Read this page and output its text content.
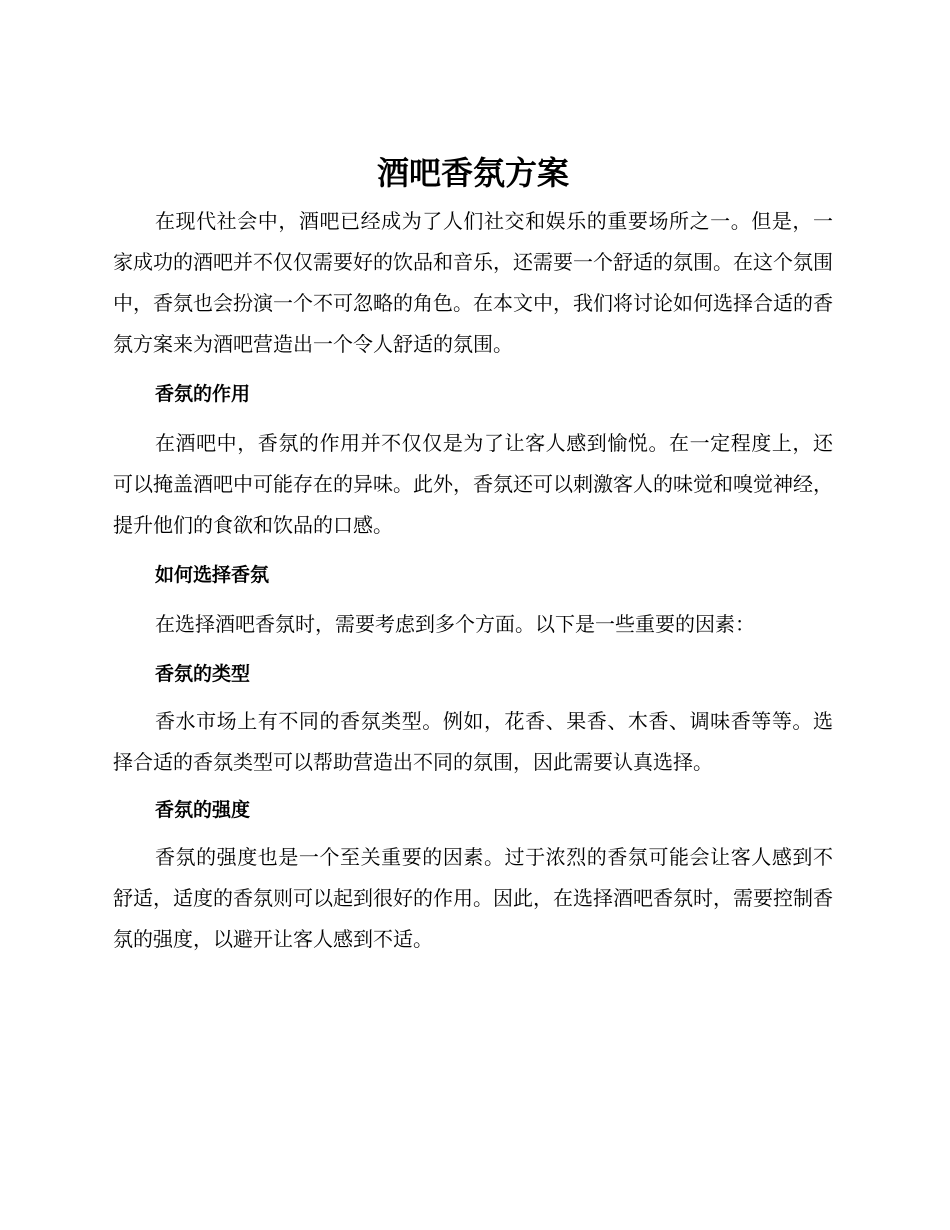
酒吧香氛方案

在现代社会中，酒吧已经成为了人们社交和娱乐的重要场所之一。但是，一家成功的酒吧并不仅仅需要好的饮品和音乐，还需要一个舒适的氛围。在这个氛围中，香氛也会扮演一个不可忽略的角色。在本文中，我们将讨论如何选择合适的香氛方案来为酒吧营造出一个令人舒适的氛围。

香氛的作用

在酒吧中，香氛的作用并不仅仅是为了让客人感到愉悦。在一定程度上，还可以掩盖酒吧中可能存在的异味。此外，香氛还可以刺激客人的味觉和嗅觉神经，提升他们的食欲和饮品的口感。

如何选择香氛

在选择酒吧香氛时，需要考虑到多个方面。以下是一些重要的因素：

香氛的类型

香水市场上有不同的香氛类型。例如，花香、果香、木香、调味香等等。选择合适的香氛类型可以帮助营造出不同的氛围，因此需要认真选择。

香氛的强度

香氛的强度也是一个至关重要的因素。过于浓烈的香氛可能会让客人感到不舒适，适度的香氛则可以起到很好的作用。因此，在选择酒吧香氛时，需要控制香氛的强度，以避开让客人感到不适。
